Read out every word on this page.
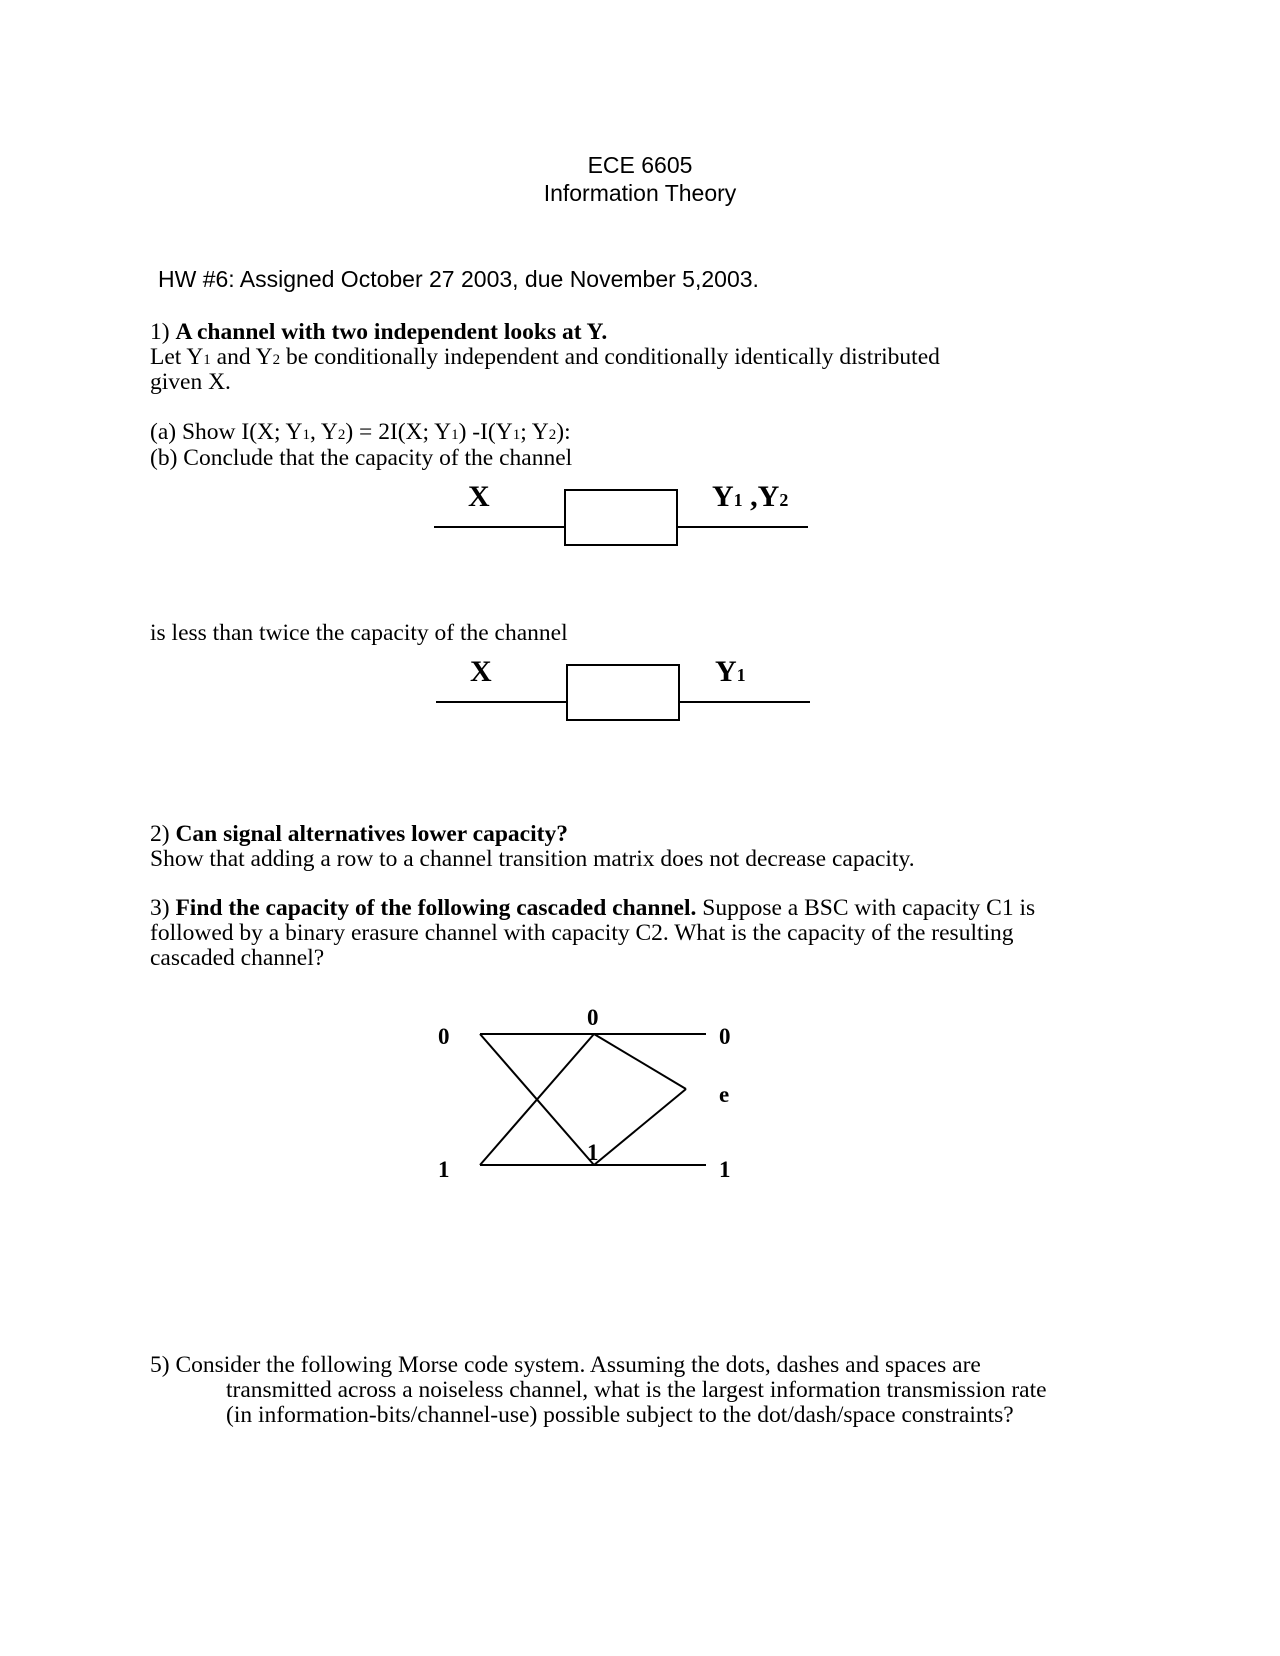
ECE 6605
Information Theory
HW #6: Assigned October 27 2003, due November 5,2003.
1) A channel with two independent looks at Y.
Let Y1 and Y2 be conditionally independent and conditionally identically distributed
given X.
(a) Show I(X; Y1, Y2) = 2I(X; Y1) -I(Y1; Y2):
(b) Conclude that the capacity of the channel
X	Y1 ,Y2
is less than twice the capacity of the channel
X	Y1
2) Can signal alternatives lower capacity?
Show that adding a row to a channel transition matrix does not decrease capacity.
3) Find the capacity of the following cascaded channel. Suppose a BSC with capacity C1 is
followed by a binary erasure channel with capacity C2. What is the capacity of the resulting
cascaded channel?
0
1
0
1
0
e
1
5) Consider the following Morse code system. Assuming the dots, dashes and spaces are
transmitted across a noiseless channel, what is the largest information transmission rate
(in information-bits/channel-use) possible subject to the dot/dash/space constraints?
